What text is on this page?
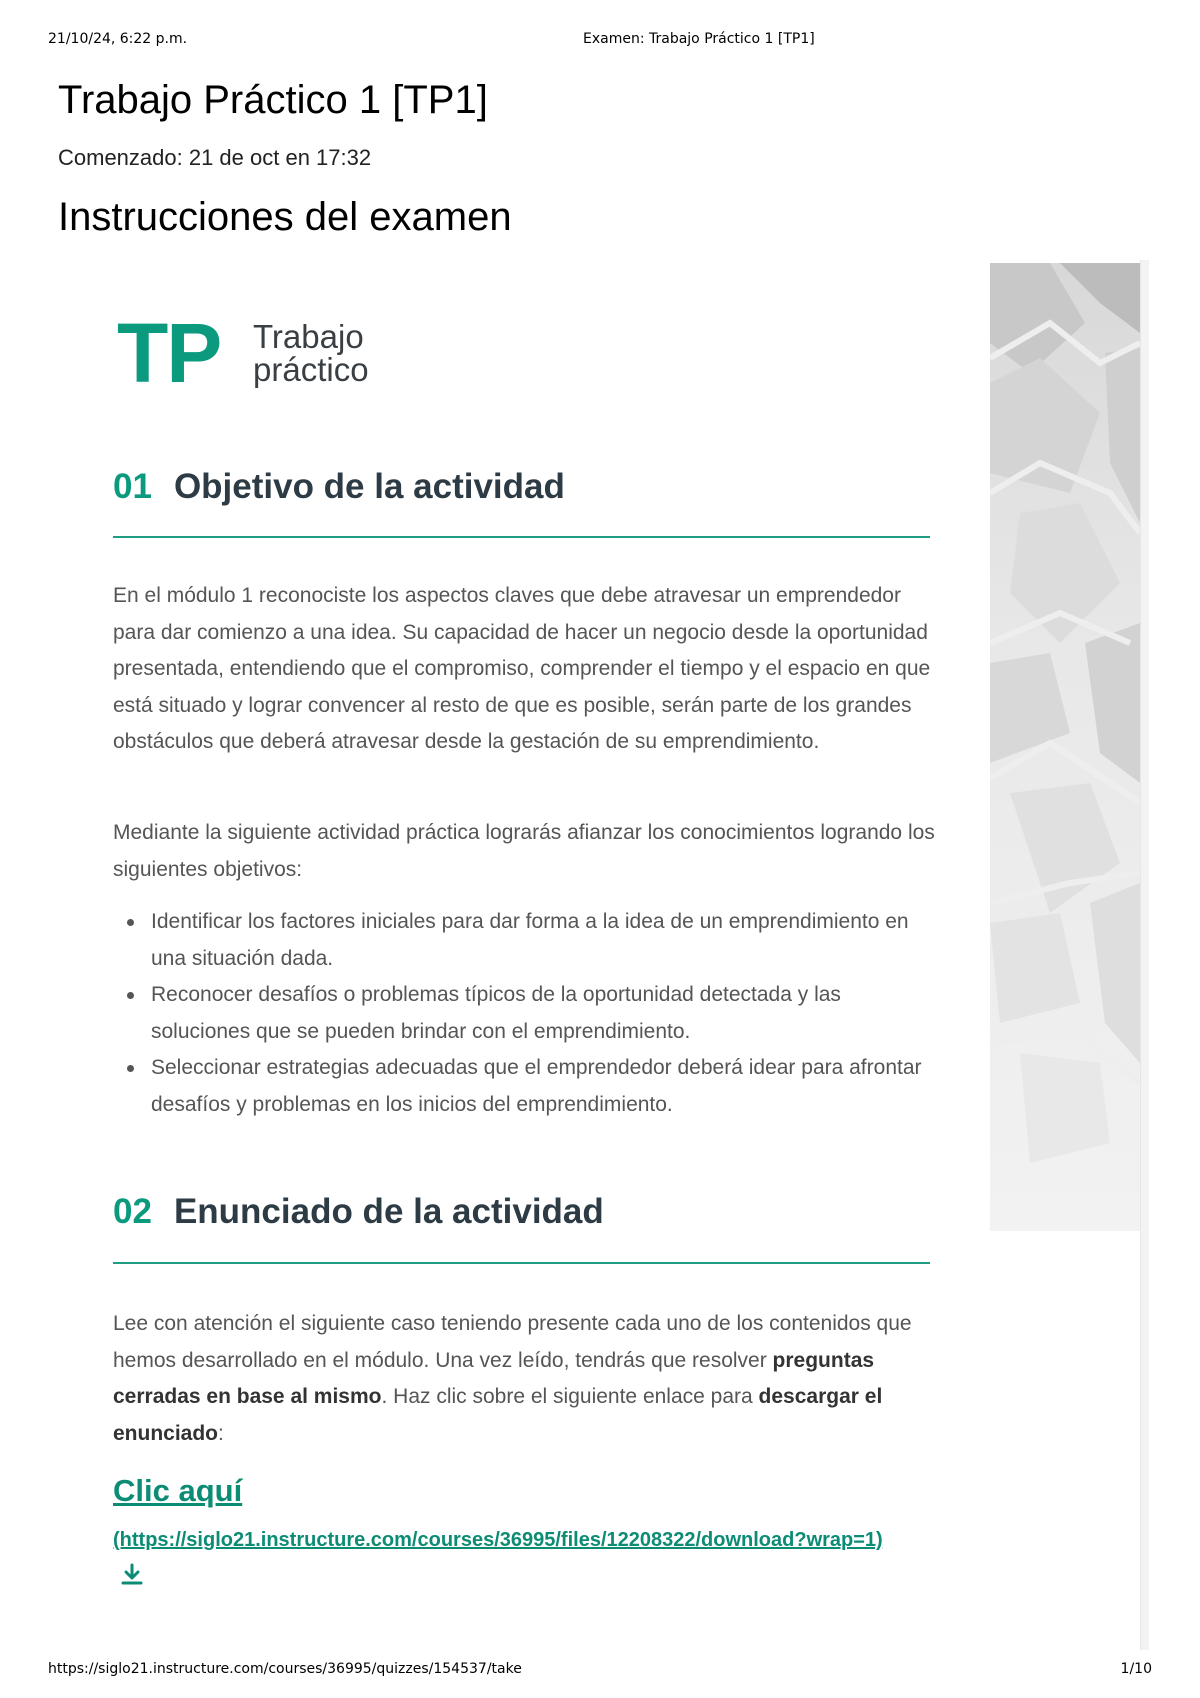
21/10/24, 6:22 p.m.	Examen: Trabajo Práctico 1 [TP1]
Trabajo Práctico 1 [TP1]
Comenzado: 21 de oct en 17:32
Instrucciones del examen
TP Trabajo
práctico
01 Objetivo de la actividad

En el módulo 1 reconociste los aspectos claves que debe atravesar un emprendedor para dar comienzo a una idea. Su capacidad de hacer un negocio desde la oportunidad presentada, entendiendo que el compromiso, comprender el tiempo y el espacio en que está situado y lograr convencer al resto de que es posible, serán parte de los grandes obstáculos que deberá atravesar desde la gestación de su emprendimiento.

Mediante la siguiente actividad práctica lograrás afianzar los conocimientos logrando los siguientes objetivos:

Identificar los factores iniciales para dar forma a la idea de un emprendimiento en una situación dada.
Reconocer desafíos o problemas típicos de la oportunidad detectada y las soluciones que se pueden brindar con el emprendimiento.
Seleccionar estrategias adecuadas que el emprendedor deberá idear para afrontar desafíos y problemas en los inicios del emprendimiento.
02 Enunciado de la actividad

Lee con atención el siguiente caso teniendo presente cada uno de los contenidos que hemos desarrollado en el módulo. Una vez leído, tendrás que resolver preguntas cerradas en base al mismo. Haz clic sobre el siguiente enlace para descargar el enunciado:

Clic aquí
(https://siglo21.instructure.com/courses/36995/files/12208322/download?wrap=1)
https://siglo21.instructure.com/courses/36995/quizzes/154537/take	1/10
